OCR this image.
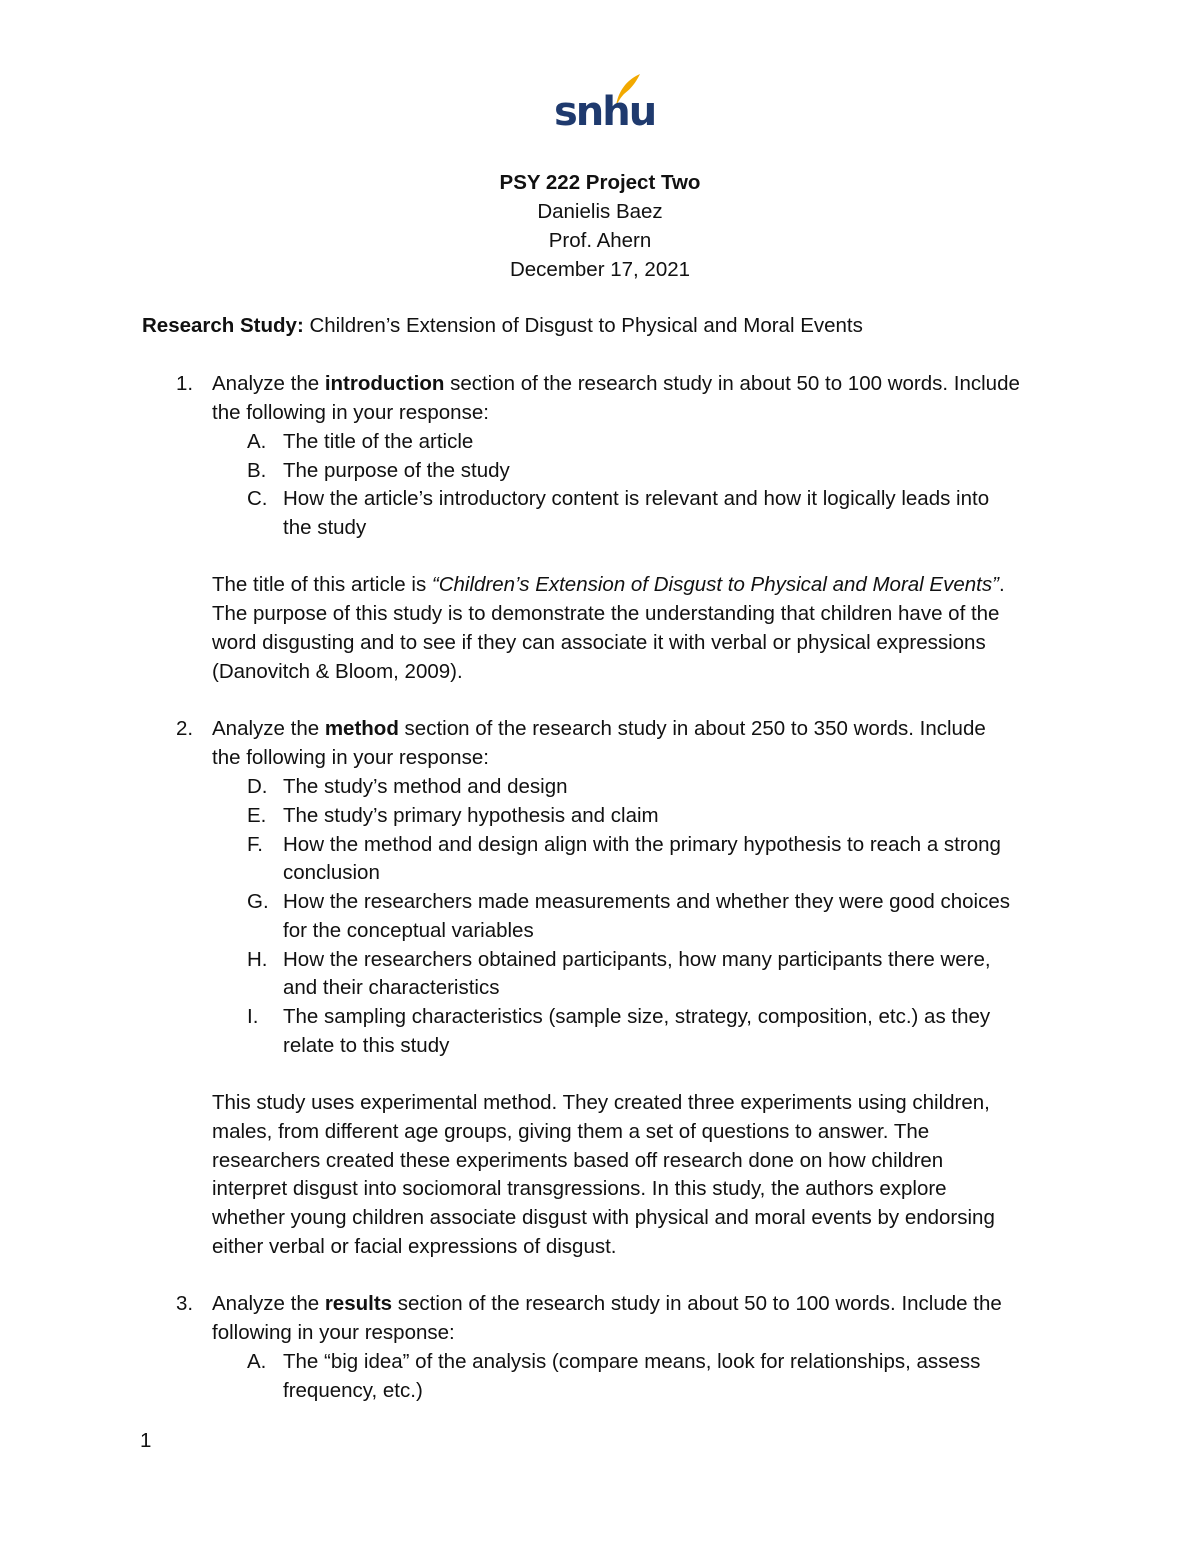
snhu
PSY 222 Project Two
Danielis Baez
Prof. Ahern
December 17, 2021
Research Study: Children’s Extension of Disgust to Physical and Moral Events
1. Analyze the introduction section of the research study in about 50 to 100 words. Include
the following in your response:
A. The title of the article
B. The purpose of the study
C. How the article’s introductory content is relevant and how it logically leads into
the study
The title of this article is “Children’s Extension of Disgust to Physical and Moral Events”.
The purpose of this study is to demonstrate the understanding that children have of the
word disgusting and to see if they can associate it with verbal or physical expressions
(Danovitch & Bloom, 2009).
2. Analyze the method section of the research study in about 250 to 350 words. Include
the following in your response:
D. The study’s method and design
E. The study’s primary hypothesis and claim
F. How the method and design align with the primary hypothesis to reach a strong
conclusion
G. How the researchers made measurements and whether they were good choices
for the conceptual variables
H. How the researchers obtained participants, how many participants there were,
and their characteristics
I.	The sampling characteristics (sample size, strategy, composition, etc.) as they
relate to this study
This study uses experimental method. They created three experiments using children,
males, from different age groups, giving them a set of questions to answer. The
researchers created these experiments based off research done on how children
interpret disgust into sociomoral transgressions. In this study, the authors explore
whether young children associate disgust with physical and moral events by endorsing
either verbal or facial expressions of disgust.
3. Analyze the results section of the research study in about 50 to 100 words. Include the
following in your response:
A. The “big idea” of the analysis (compare means, look for relationships, assess
frequency, etc.)
1
